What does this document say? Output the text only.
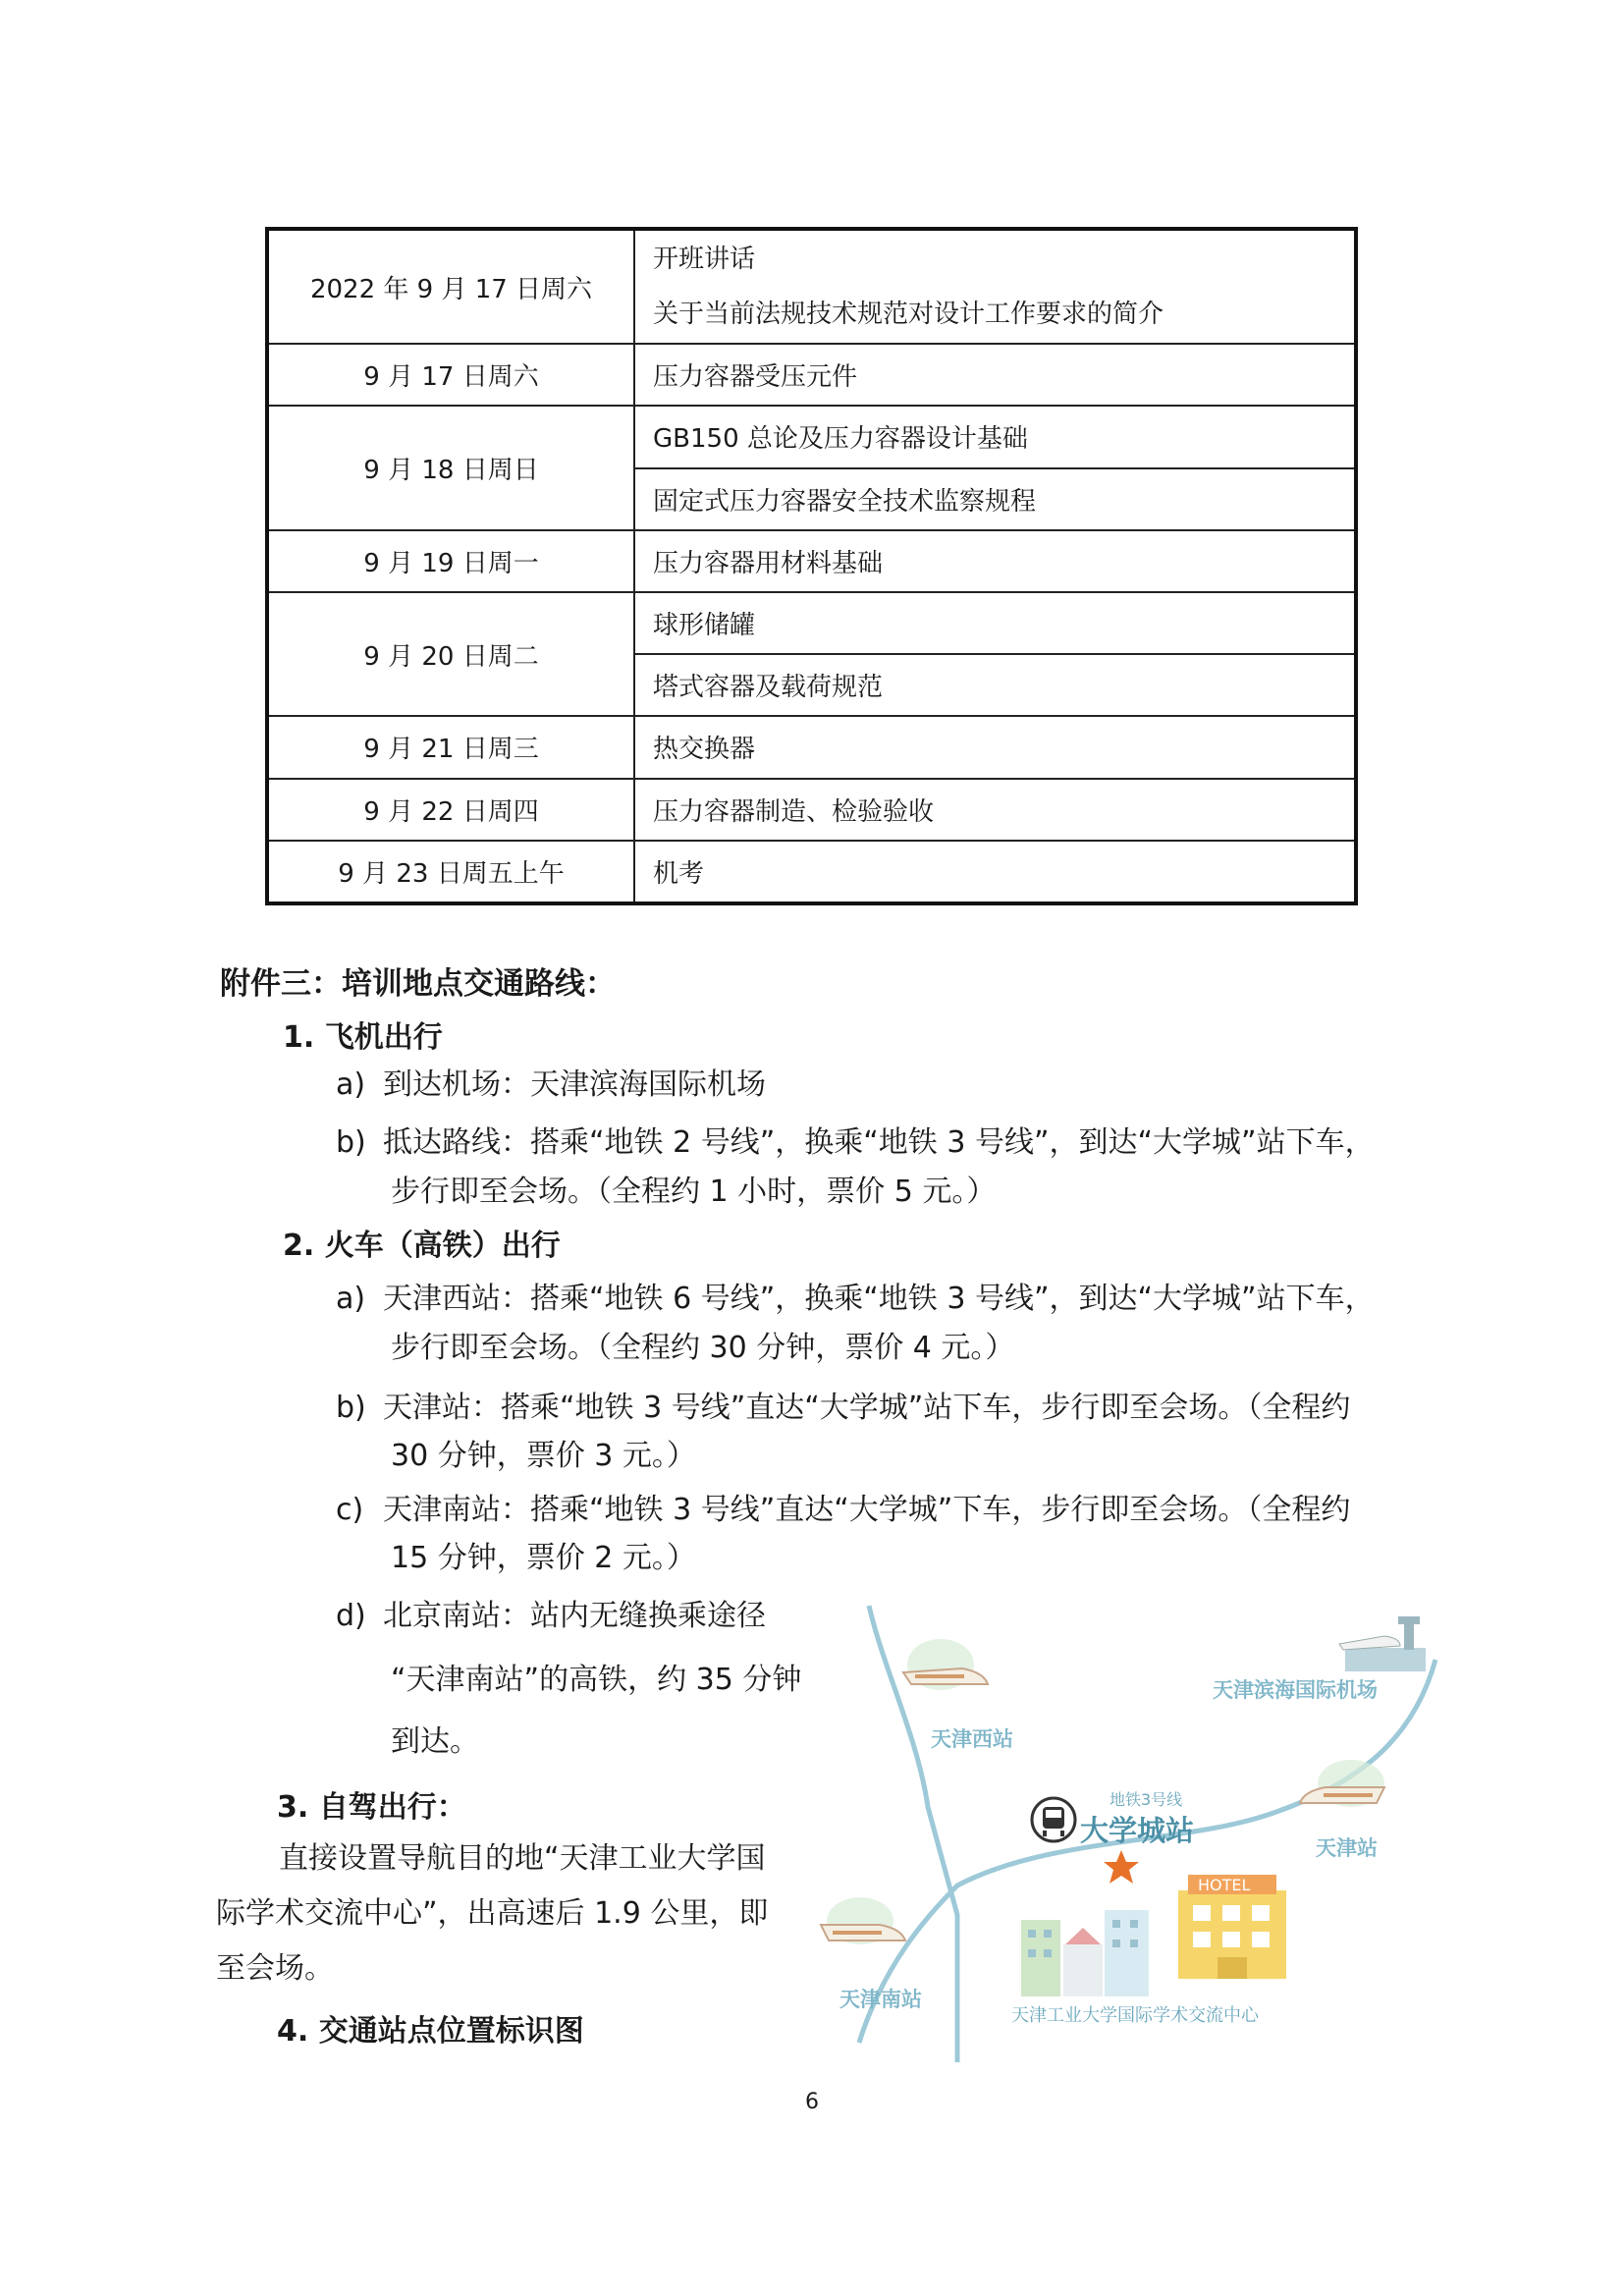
2022 年 9 月 17 日周六	开班讲话
关于当前法规技术规范对设计工作要求的简介

9 月 17 日周六	压力容器受压元件
9 月 18 日周日	GB150 总论及压力容器设计基础
	固定式压力容器安全技术监察规程
9 月 19 日周一	压力容器用材料基础
9 月 20 日周二	球形储罐
	塔式容器及载荷规范
9 月 21 日周三	热交换器
9 月 22 日周四	压力容器制造、检验验收
9 月 23 日周五上午	机考
附件三：培训地点交通路线：
1. 飞机出行
a) 到达机场：天津滨海国际机场
b) 抵达路线：搭乘“地铁 2 号线”，换乘“地铁 3 号线”，到达“大学城”站下车，
步行即至会场。（全程约 1 小时，票价 5 元。）
2. 火车（高铁）出行
a) 天津西站：搭乘“地铁 6 号线”，换乘“地铁 3 号线”，到达“大学城”站下车，
步行即至会场。（全程约 30 分钟，票价 4 元。）
b) 天津站：搭乘“地铁 3 号线”直达“大学城”站下车，步行即至会场。（全程约
30 分钟，票价 3 元。）
c) 天津南站：搭乘“地铁 3 号线”直达“大学城”下车，步行即至会场。（全程约
15 分钟，票价 2 元。）
d) 北京南站：站内无缝换乘途径
“天津南站”的高铁，约 35 分钟
到达。
3. 自驾出行：
直接设置导航目的地“天津工业大学国
际学术交流中心”，出高速后 1.9 公里，即
至会场。
4. 交通站点位置标识图
HOTEL
天津西站
天津滨海国际机场
地铁3号线
大学城站
天津站
天津南站
天津工业大学国际学术交流中心
6
